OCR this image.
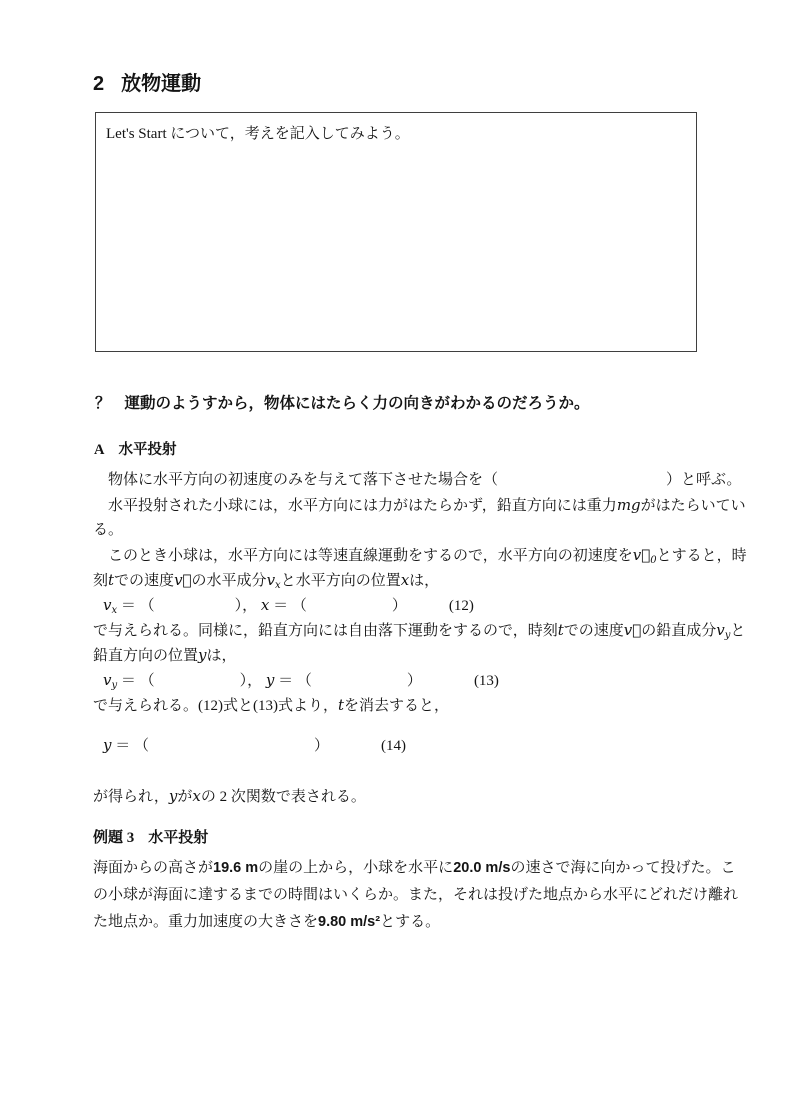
2 放物運動
Let's Start について，考えを記入してみよう。
？ 運動のようすから，物体にはたらく力の向きがわかるのだろうか。
A 水平投射
　物体に水平方向の初速度のみを与えて落下させた場合を（	）と呼ぶ。
　水平投射された小球には，水平方向には力がはたらかず，鉛直方向には重力mgがはたらいてい
る。
　このとき小球は，水平方向には等速直線運動をするので，水平方向の初速度を$v⃗_0$とすると，時
刻tでの速度v⃗の水平成分$v_x$と水平方向の位置xは，
$v_x$ ＝ （	）， x ＝ （	）	(12)
で与えられる。同様に，鉛直方向には自由落下運動をするので，時刻tでの速度v⃗の鉛直成分$v_y$と
鉛直方向の位置yは，
$v_y$ ＝ （	）， y ＝ （	）	(13)
で与えられる。(12)式と(13)式より，tを消去すると，
y ＝ （	）	(14)
が得られ，yがxの 2 次関数で表される。
例題 3 水平投射
海面からの高さが19.6 mの崖の上から，小球を水平に20.0 m/sの速さで海に向かって投げた。こ
の小球が海面に達するまでの時間はいくらか。また，それは投げた地点から水平にどれだけ離れ
た地点か。重力加速度の大きさを9.80 m/s²とする。
